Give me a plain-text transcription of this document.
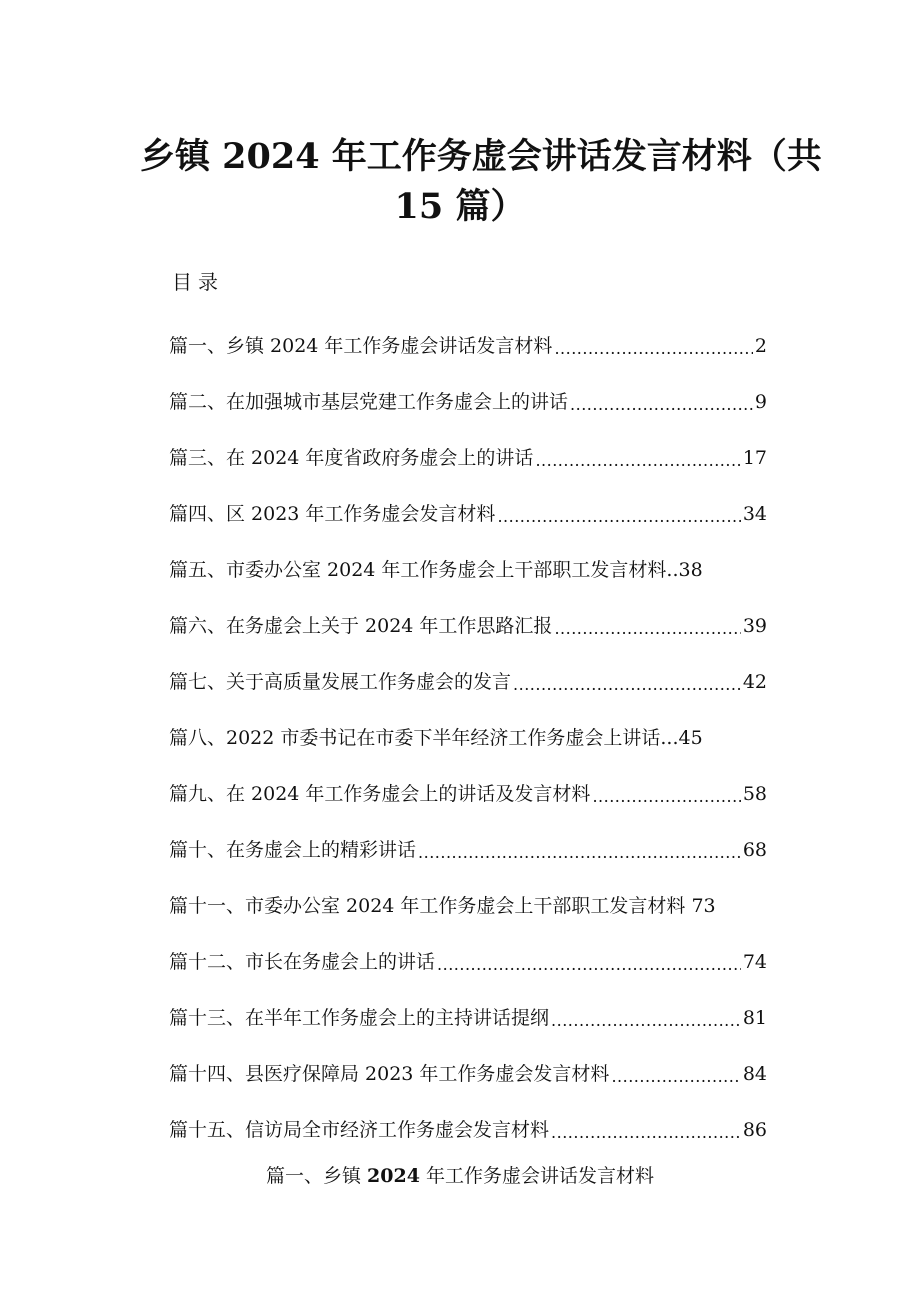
乡镇 2024 年工作务虚会讲话发言材料（共
15 篇）
目录
篇一、乡镇 2024 年工作务虚会讲话发言材料 .....	2
篇二、在加强城市基层党建工作务虚会上的讲话 .....	9
篇三、在 2024 年度省政府务虚会上的讲话 .....	17
篇四、区 2023 年工作务虚会发言材料 .....	34
篇五、市委办公室 2024 年工作务虚会上干部职工发言材料..38
篇六、在务虚会上关于 2024 年工作思路汇报 .....	39
篇七、关于高质量发展工作务虚会的发言 .....	42
篇八、2022 市委书记在市委下半年经济工作务虚会上讲话...45
篇九、在 2024 年工作务虚会上的讲话及发言材料 .....	58
篇十、在务虚会上的精彩讲话 .....	68
篇十一、市委办公室 2024 年工作务虚会上干部职工发言材料 73
篇十二、市长在务虚会上的讲话 .....	74
篇十三、在半年工作务虚会上的主持讲话提纲 .....	81
篇十四、县医疗保障局 2023 年工作务虚会发言材料 .....	84
篇十五、信访局全市经济工作务虚会发言材料 .....	86
篇一、乡镇 2024 年工作务虚会讲话发言材料
